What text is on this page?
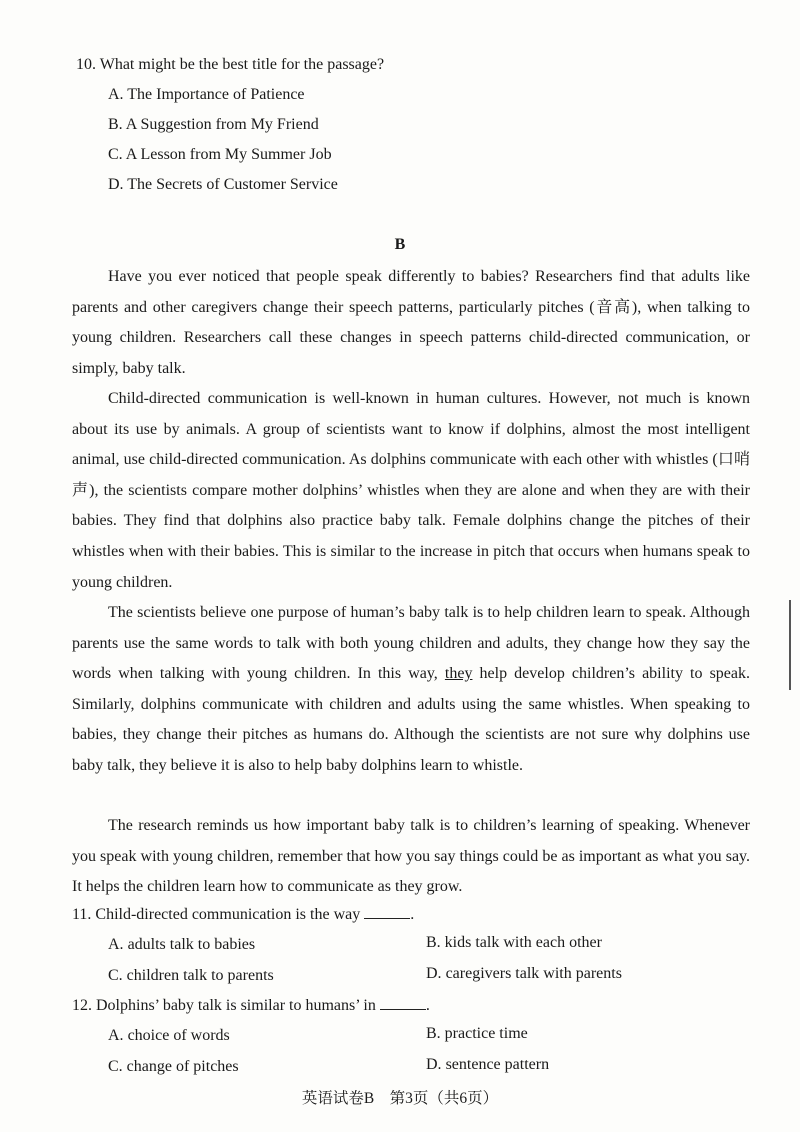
10. What might be the best title for the passage?
A. The Importance of Patience
B. A Suggestion from My Friend
C. A Lesson from My Summer Job
D. The Secrets of Customer Service
B

Have you ever noticed that people speak differently to babies? Researchers find that adults like parents and other caregivers change their speech patterns, particularly pitches (音高), when talking to young children. Researchers call these changes in speech patterns child-directed communication, or simply, baby talk.

Child-directed communication is well-known in human cultures. However, not much is known about its use by animals. A group of scientists want to know if dolphins, almost the most intelligent animal, use child-directed communication. As dolphins communicate with each other with whistles (口哨声), the scientists compare mother dolphins’ whistles when they are alone and when they are with their babies. They find that dolphins also practice baby talk. Female dolphins change the pitches of their whistles when with their babies. This is similar to the increase in pitch that occurs when humans speak to young children.

The scientists believe one purpose of human’s baby talk is to help children learn to speak. Although parents use the same words to talk with both young children and adults, they change how they say the words when talking with young children. In this way, they help develop children’s ability to speak. Similarly, dolphins communicate with children and adults using the same whistles. When speaking to babies, they change their pitches as humans do. Although the scientists are not sure why dolphins use baby talk, they believe it is also to help baby dolphins learn to whistle.

The research reminds us how important baby talk is to children’s learning of speaking. Whenever you speak with young children, remember that how you say things could be as important as what you say. It helps the children learn how to communicate as they grow.

11. Child-directed communication is the way	.
A. adults talk to babies	B. kids talk with each other
C. children talk to parents	D. caregivers talk with parents
12. Dolphins’ baby talk is similar to humans’ in	.
A. choice of words	B. practice time
C. change of pitches	D. sentence pattern
英语试卷B　第3页（共6页）
